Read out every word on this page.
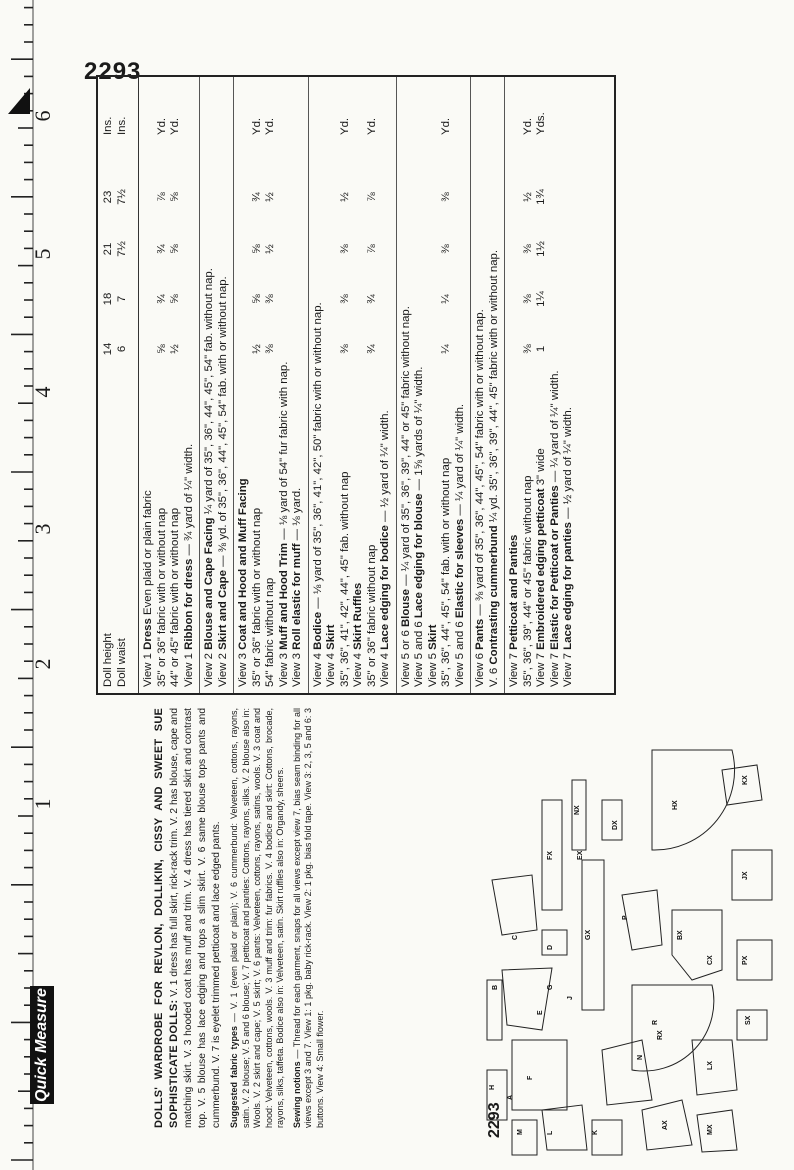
Quick Measure
1
2
3
4
5
6
2293
Doll height
14
18
21
23
Ins.
Doll waist
6
7
7½
7½
Ins.
View 1 Dress Even plaid or plain fabric 35" or 36" fabric with or without nap
⅝
¾
¾
⅞
Yd.
44" or 45" fabric with or without nap
½
⅝
⅝
⅝
Yd.
View 1 Ribbon for dress — ¾ yard of ¼" width.
View 2 Blouse and Cape Facing ¼ yard of 35", 36", 44", 45", 54" fab. without nap.
View 2 Skirt and Cape — ⅜ yd. of 35", 36", 44", 45", 54" fab. with or without nap.
View 3 Coat and Hood and Muff Facing 35" or 36" fabric with or without nap
½
⅝
⅝
¾
Yd.
54" fabric without nap
⅜
⅜
½
½
Yd.
View 3 Muff and Hood Trim — ⅛ yard of 54" fur fabric with nap.
View 3 Roll elastic for muff — ⅛ yard.
View 4 Bodice — ⅛ yard of 35", 36", 41", 42", 50" fabric with or without nap.
View 4 Skirt 35", 36", 41", 42", 44", 45" fab. without nap
⅜
⅜
⅜
½
Yd.
View 4 Skirt Ruffles 35" or 36" fabric without nap
¾
¾
⅞
⅞
Yd.
View 4 Lace edging for bodice — ½ yard of ¼" width.
View 5 or 6 Blouse — ¼ yard of 35", 36", 39", 44" or 45" fabric without nap.
View 5 and 6 Lace edging for blouse — 1⅝ yards of ¼" width.
View 5 Skirt 35", 36", 44", 45", 54" fab. with or without nap
¼
¼
⅜
⅜
Yd.
View 5 and 6 Elastic for sleeves — ¼ yard of ¼" width.
View 6 Pants — ⅜ yard of 35", 36", 44", 45", 54" fabric with or without nap.
V. 6 Contrasting cummerbund ¼ yd. 35", 36", 39", 44", 45" fabric with or without nap.
View 7 Petticoat and Panties 35", 36", 39", 44" or 45" fabric without nap
⅜
⅜
⅜
½
Yd.
View 7 Embroidered edging petticoat 3" wide
1
1¼
1½
1¾
Yds.
View 7 Elastic for Petticoat or Panties — ¼ yard of ¼" width.
View 7 Lace edging for panties — ½ yard of ¼" width.

DOLLS' WARDROBE FOR REVLON, DOLLIKIN, CISSY AND SWEET SUE SOPHISTICATE DOLLS: V. 1 dress has full skirt, rick-rack trim. V. 2 has blouse, cape and matching skirt. V. 3 hooded coat has muff and trim. V. 4 dress has tiered skirt and contrast top. V. 5 blouse has lace edging and tops a slim skirt. V. 6 same blouse tops pants and cummerbund. V. 7 is eyelet trimmed petticoat and lace edged pants. Suggested fabric types — V. 1 (even plaid or plain); V. 6 cummerbund: Velveteen, cottons, rayons, satin. V. 2 blouse; V. 5 and 6 blouse; V. 7 petticoat and panties: Cottons, rayons, silks. V. 2 blouse also in: Wools. V. 2 skirt and cape; V. 5 skirt; V. 6 pants: Velveteen, cottons, rayons, satins, wools. V. 3 coat and hood: Velveteen, cottons, wools. V. 3 muff and trim: fur fabrics. V. 4 bodice and skirt: Cottons, brocade, rayons, silks, taffeta. Bodice also in: Velveteen, satin. Skirt ruffles also in: Organdy, sheers. Sewing notions — Thread for each garment, snaps for all views except view 7, bias seam binding for all views except 3 and 7. View 1: 1 pkg. baby rick-rack. View 2: 1 pkg. bias fold tape. View 3: 2, 3, 5 and 6: 3 buttons. View 4: Small flower.	A
B
C
D
E
F
G
H
J
K
L
M
N
P
R
AX
BX
CX
DX
EX
FX
GX
HX
JX
KX
LX
MX
NX
PX
RX
SX
2293
